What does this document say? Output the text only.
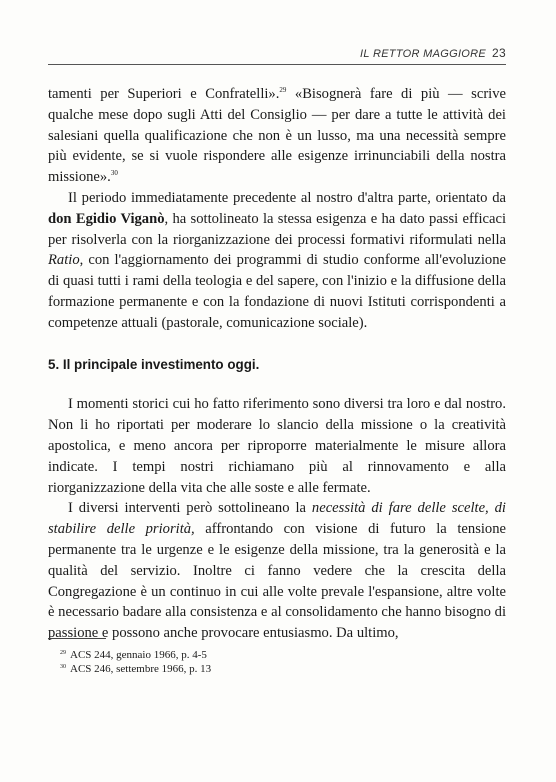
IL RETTOR MAGGIORE 23

tamenti per Superiori e Confratelli».$^{29}$ «Bisognerà fare di più — scrive qualche mese dopo sugli Atti del Consiglio — per dare a tutte le attività dei salesiani quella qualificazione che non è un lusso, ma una necessità sempre più evidente, se si vuole rispondere alle esigenze irrinunciabili della nostra missione».$^{30}$

Il periodo immediatamente precedente al nostro d'altra parte, orientato da don Egidio Viganò, ha sottolineato la stessa esigenza e ha dato passi efficaci per risolverla con la riorganizzazione dei processi formativi riformulati nella Ratio, con l'aggiornamento dei programmi di studio conforme all'evoluzione di quasi tutti i rami della teologia e del sapere, con l'inizio e la diffusione della formazione permanente e con la fondazione di nuovi Istituti corrispondenti a competenze attuali (pastorale, comunicazione sociale).

5. Il principale investimento oggi.

I momenti storici cui ho fatto riferimento sono diversi tra loro e dal nostro. Non li ho riportati per moderare lo slancio della missione o la creatività apostolica, e meno ancora per riproporre materialmente le misure allora indicate. I tempi nostri richiamano più al rinnovamento e alla riorganizzazione della vita che alle soste e alle fermate.

I diversi interventi però sottolineano la necessità di fare delle scelte, di stabilire delle priorità, affrontando con visione di futuro la tensione permanente tra le urgenze e le esigenze della missione, tra la generosità e la qualità del servizio. Inoltre ci fanno vedere che la crescita della Congregazione è un continuo in cui alle volte prevale l'espansione, altre volte è necessario badare alla consistenza e al consolidamento che hanno bisogno di passione e possono anche provocare entusiasmo. Da ultimo,

$^{29}$ ACS 244, gennaio 1966, p. 4-5
$^{30}$ ACS 246, settembre 1966, p. 13
